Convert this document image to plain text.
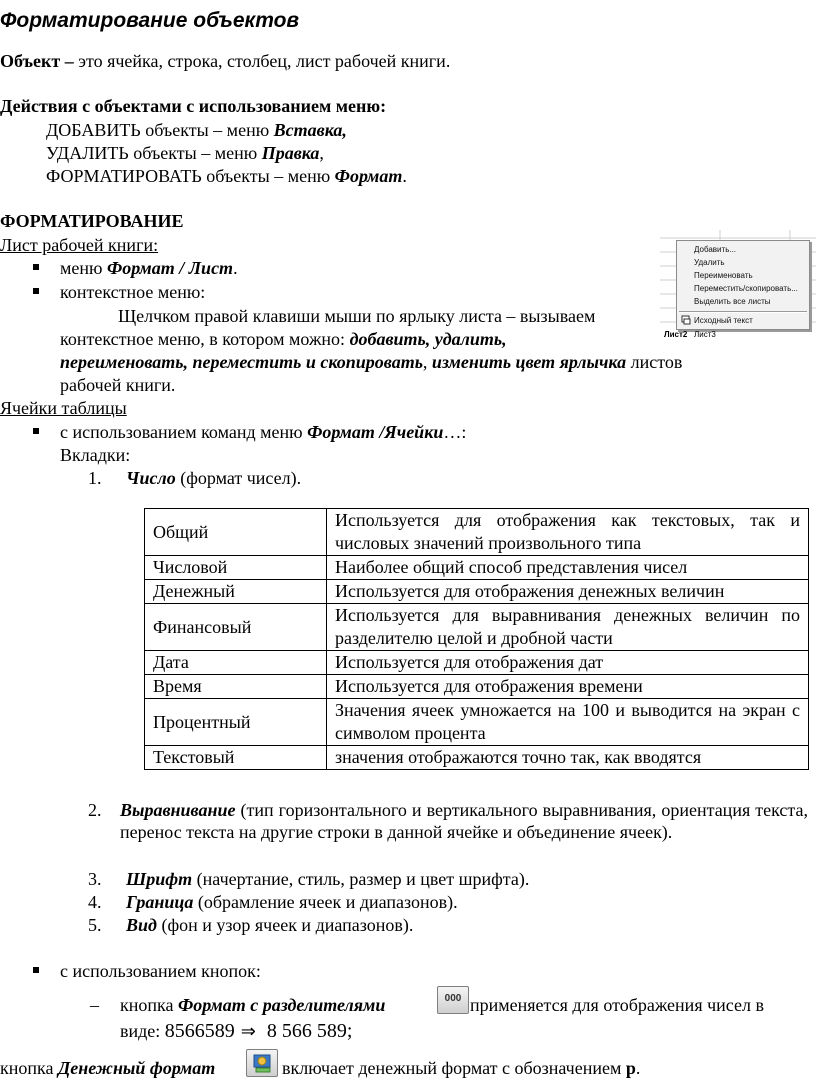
Форматирование объектов
Объект – это ячейка, строка, столбец, лист рабочей книги.
Действия с объектами с использованием меню:
ДОБАВИТЬ объекты – меню Вставка,
УДАЛИТЬ объекты – меню Правка,
ФОРМАТИРОВАТЬ объекты – меню Формат.
ФОРМАТИРОВАНИЕ
Лист рабочей книги:
меню Формат / Лист.
контекстное меню:
Щелчком правой клавиши мыши по ярлыку листа – вызываем
контекстное меню, в котором можно: добавить, удалить,
переименовать, переместить и скопировать, изменить цвет ярлычка листов
рабочей книги.
Добавить...
Удалить
Переименовать
Переместить/скопировать...
Выделить все листы
Исходный текст
Лист2 Лист3
Ячейки таблицы
с использованием команд меню Формат /Ячейки…:
Вкладки:
1. Число (формат чисел).
Общий	Используется для отображения как текстовых, так и числовых значений произвольного типа
Числовой	Наиболее общий способ представления чисел
Денежный	Используется для отображения денежных величин
Финансовый	Используется для выравнивания денежных величин по разделителю целой и дробной части
Дата	Используется для отображения дат
Время	Используется для отображения времени
Процентный	Значения ячеек умножается на 100 и выводится на экран с символом процента
Текстовый	значения отображаются точно так, как вводятся
2. Выравнивание (тип горизонтального и вертикального выравнивания, ориентация текста, перенос текста на другие строки в данной ячейке и объединение ячеек).
3. Шрифт (начертание, стиль, размер и цвет шрифта).
4. Граница (обрамление ячеек и диапазонов).
5. Вид (фон и узор ячеек и диапазонов).
с использованием кнопок:
– кнопка Формат с разделителями	000 применяется для отображения чисел в
виде: 8566589 ⇒ 8 566 589;
кнопка Денежный формат	включает денежный формат с обозначением р.
